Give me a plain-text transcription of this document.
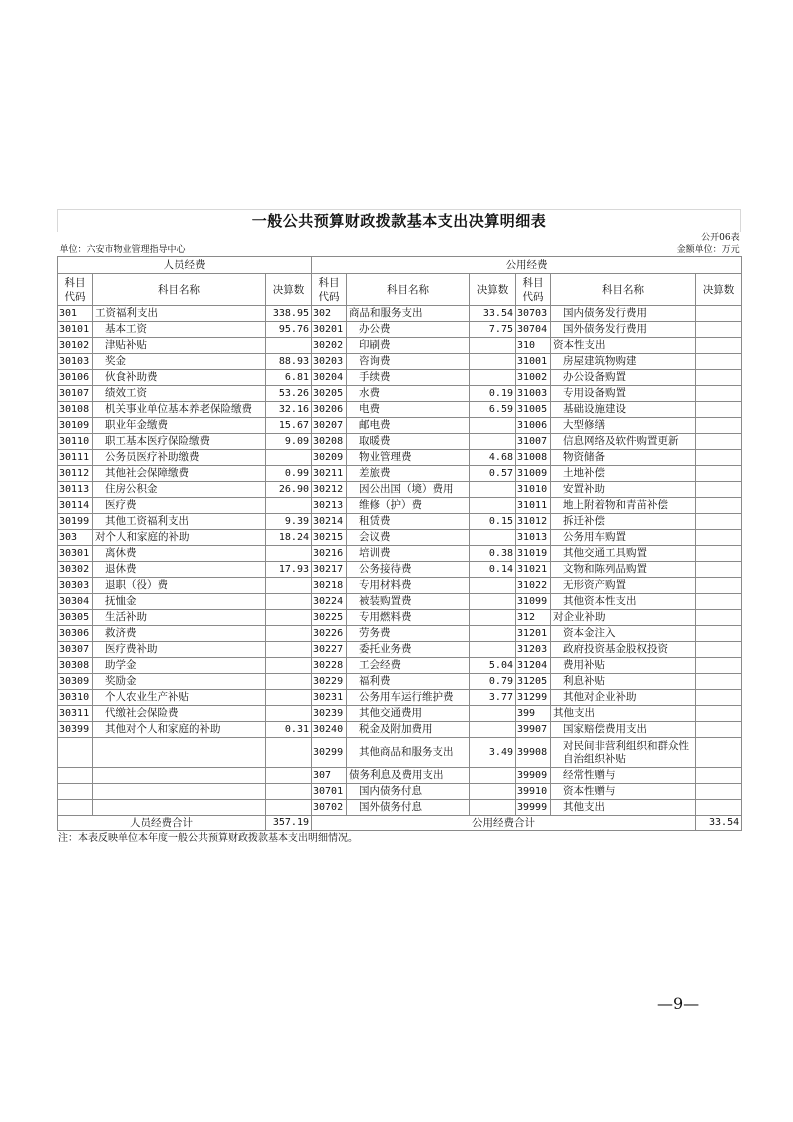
一般公共预算财政拨款基本支出决算明细表
公开06表								
单位：六安市物业管理指导中心					金额单位：万元			
人员经费			公用经费					
科目代码	科目名称	决算数	科目代码	科目名称	决算数	科目代码	科目名称	决算数
301	工资福利支出	338.95	302	商品和服务支出	33.54	30703	国内债务发行费用	
30101	基本工资	95.76	30201	办公费	7.75	30704	国外债务发行费用	
30102	津贴补贴		30202	印刷费		310	资本性支出	
30103	奖金	88.93	30203	咨询费		31001	房屋建筑物购建	
30106	伙食补助费	6.81	30204	手续费		31002	办公设备购置	
30107	绩效工资	53.26	30205	水费	0.19	31003	专用设备购置	
30108	机关事业单位基本养老保险缴费	32.16	30206	电费	6.59	31005	基础设施建设	
30109	职业年金缴费	15.67	30207	邮电费		31006	大型修缮	
30110	职工基本医疗保险缴费	9.09	30208	取暖费		31007	信息网络及软件购置更新	
30111	公务员医疗补助缴费		30209	物业管理费	4.68	31008	物资储备	
30112	其他社会保障缴费	0.99	30211	差旅费	0.57	31009	土地补偿	
30113	住房公积金	26.90	30212	因公出国（境）费用		31010	安置补助	
30114	医疗费		30213	维修（护）费		31011	地上附着物和青苗补偿	
30199	其他工资福利支出	9.39	30214	租赁费	0.15	31012	拆迁补偿	
303	对个人和家庭的补助	18.24	30215	会议费		31013	公务用车购置	
30301	离休费		30216	培训费	0.38	31019	其他交通工具购置	
30302	退休费	17.93	30217	公务接待费	0.14	31021	文物和陈列品购置	
30303	退职（役）费		30218	专用材料费		31022	无形资产购置	
30304	抚恤金		30224	被装购置费		31099	其他资本性支出	
30305	生活补助		30225	专用燃料费		312	对企业补助	
30306	救济费		30226	劳务费		31201	资本金注入	
30307	医疗费补助		30227	委托业务费		31203	政府投资基金股权投资	
30308	助学金		30228	工会经费	5.04	31204	费用补贴	
30309	奖励金		30229	福利费	0.79	31205	利息补贴	
30310	个人农业生产补贴		30231	公务用车运行维护费	3.77	31299	其他对企业补助	
30311	代缴社会保险费		30239	其他交通费用		399	其他支出	
30399	其他对个人和家庭的补助	0.31	30240	税金及附加费用		39907	国家赔偿费用支出	
			30299	其他商品和服务支出	3.49	39908	对民间非营利组织和群众性自治组织补贴	
			307	债务利息及费用支出		39909	经常性赠与	
			30701	国内债务付息		39910	资本性赠与	
			30702	国外债务付息		39999	其他支出	
人员经费合计		357.19	公用经费合计					33.54
注：本表反映单位本年度一般公共预算财政拨款基本支出明细情况。
—9—
